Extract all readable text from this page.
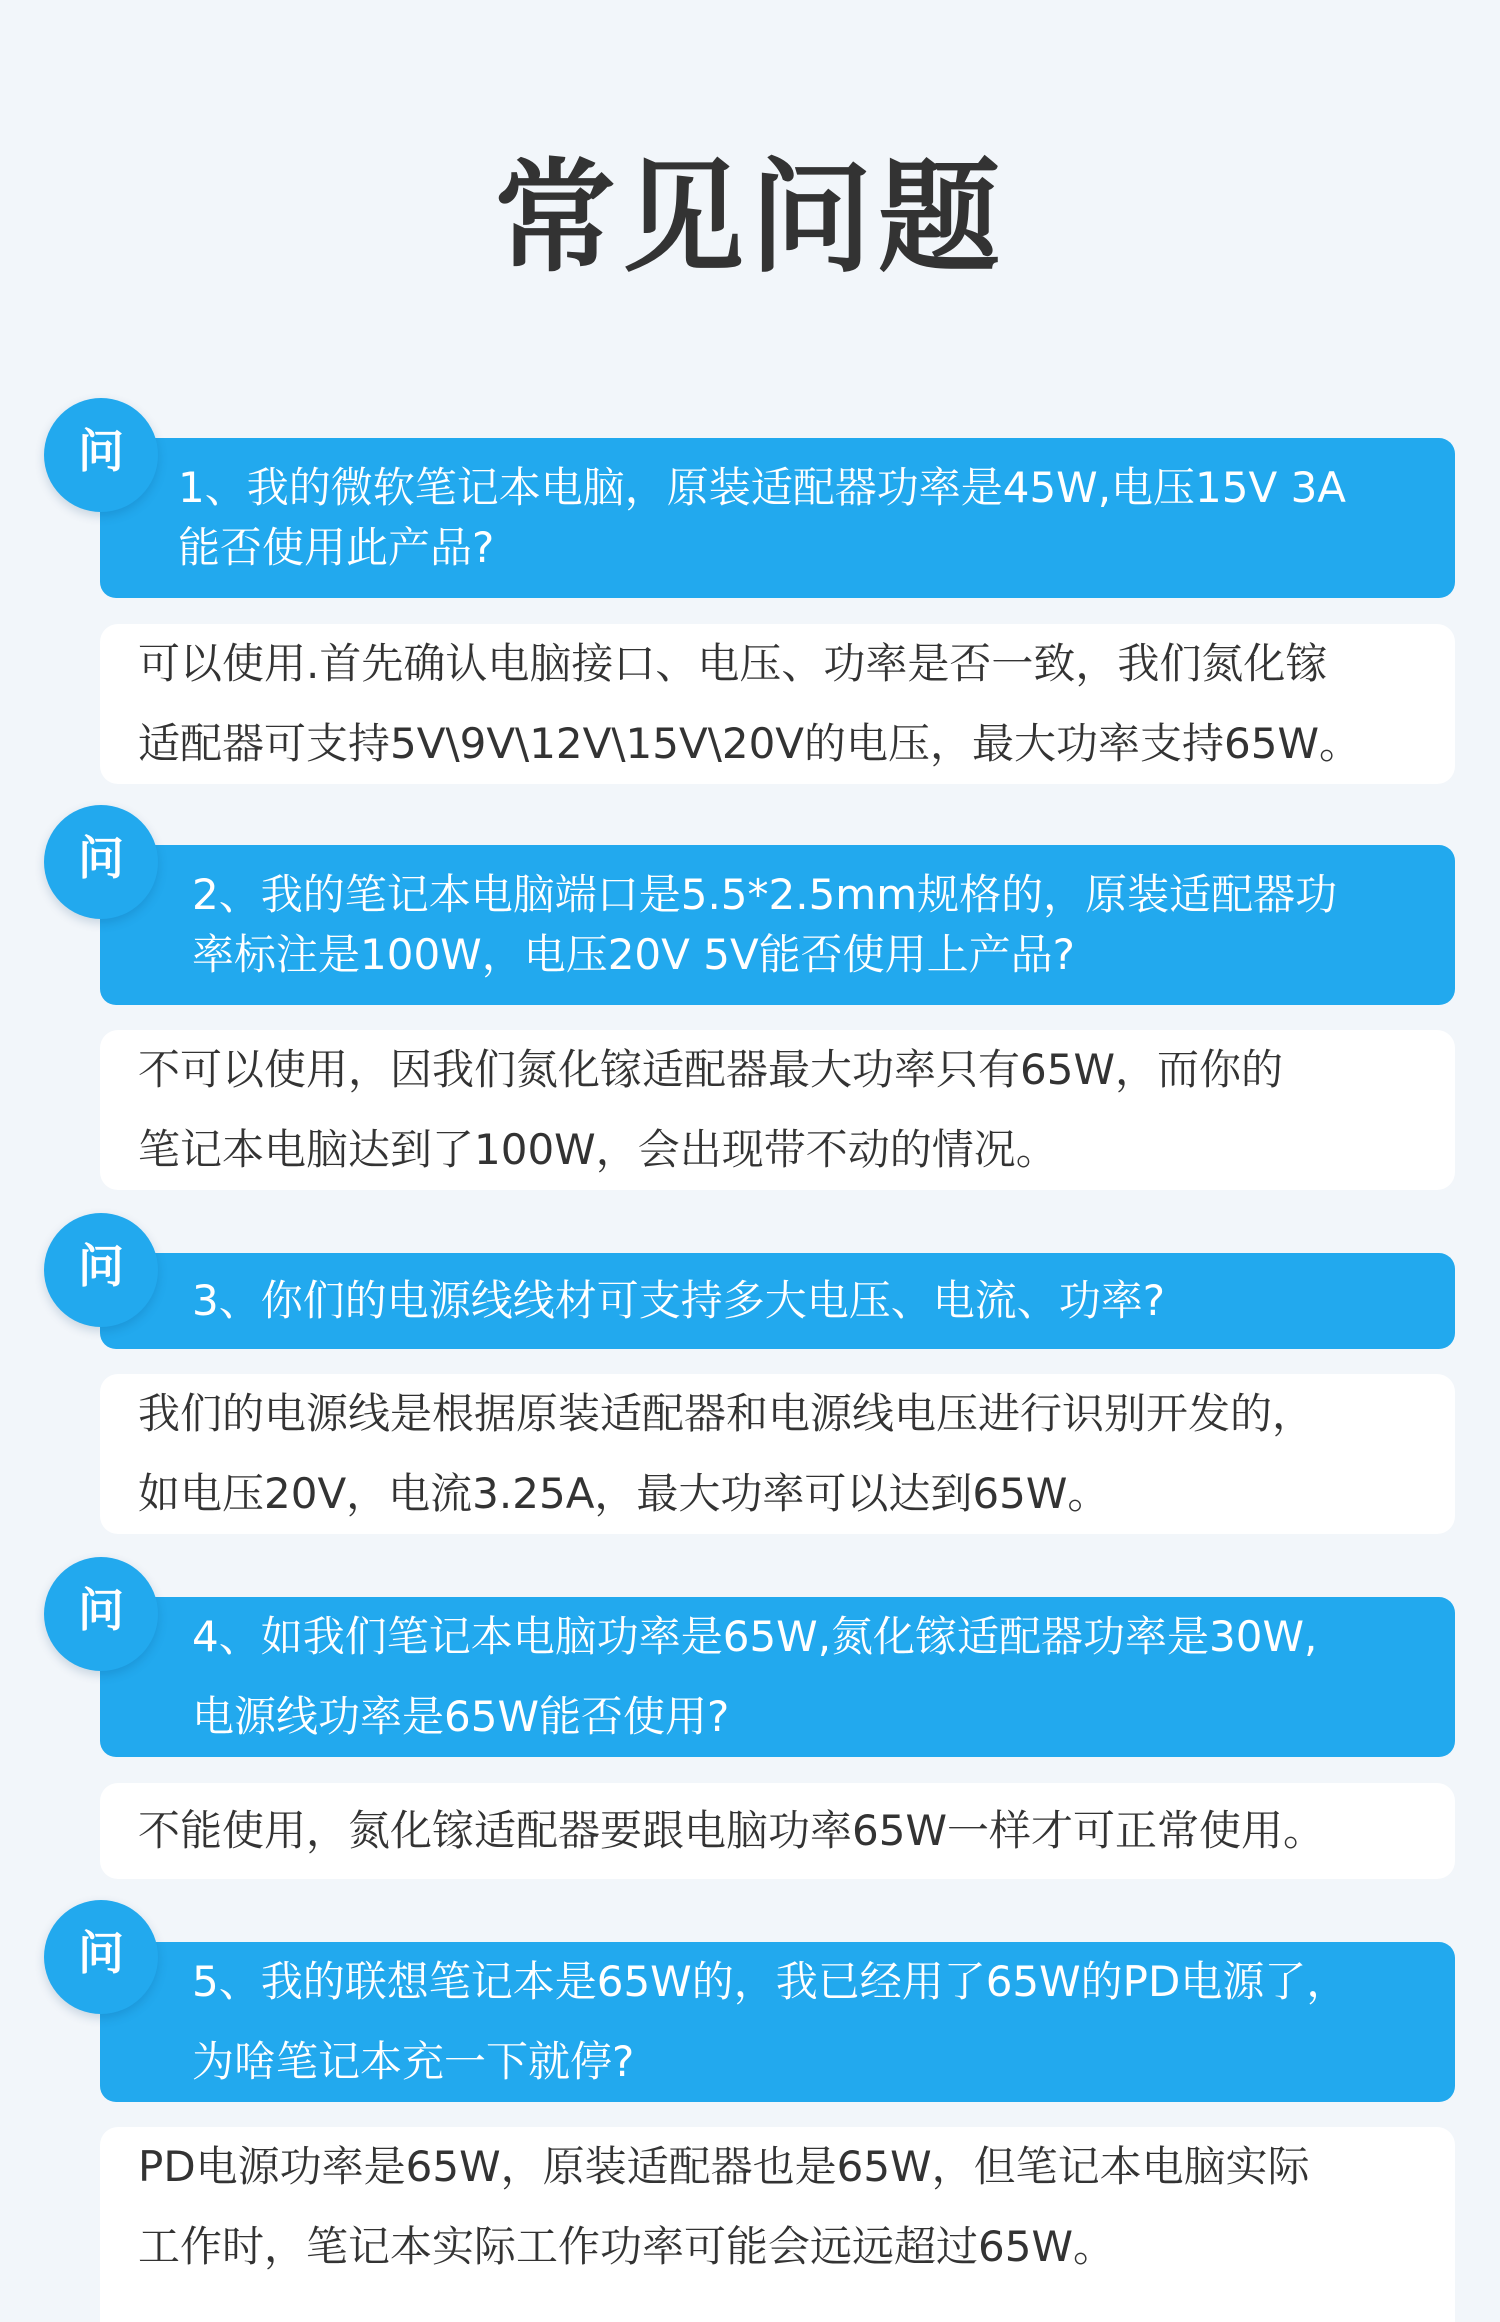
常见问题
1、我的微软笔记本电脑，原装适配器功率是45W,电压15V 3A
能否使用此产品?
问
可以使用.首先确认电脑接口、电压、功率是否一致，我们氮化镓
适配器可支持5V\9V\12V\15V\20V的电压，最大功率支持65W。
2、我的笔记本电脑端口是5.5*2.5mm规格的，原装适配器功
率标注是100W，电压20V 5V能否使用上产品?
问
不可以使用，因我们氮化镓适配器最大功率只有65W，而你的
笔记本电脑达到了100W，会出现带不动的情况。
3、你们的电源线线材可支持多大电压、电流、功率?
问
我们的电源线是根据原装适配器和电源线电压进行识别开发的，
如电压20V，电流3.25A，最大功率可以达到65W。
4、如我们笔记本电脑功率是65W,氮化镓适配器功率是30W,
电源线功率是65W能否使用?
问
不能使用，氮化镓适配器要跟电脑功率65W一样才可正常使用。
5、我的联想笔记本是65W的，我已经用了65W的PD电源了，
为啥笔记本充一下就停?
问
PD电源功率是65W，原装适配器也是65W，但笔记本电脑实际
工作时，笔记本实际工作功率可能会远远超过65W。
